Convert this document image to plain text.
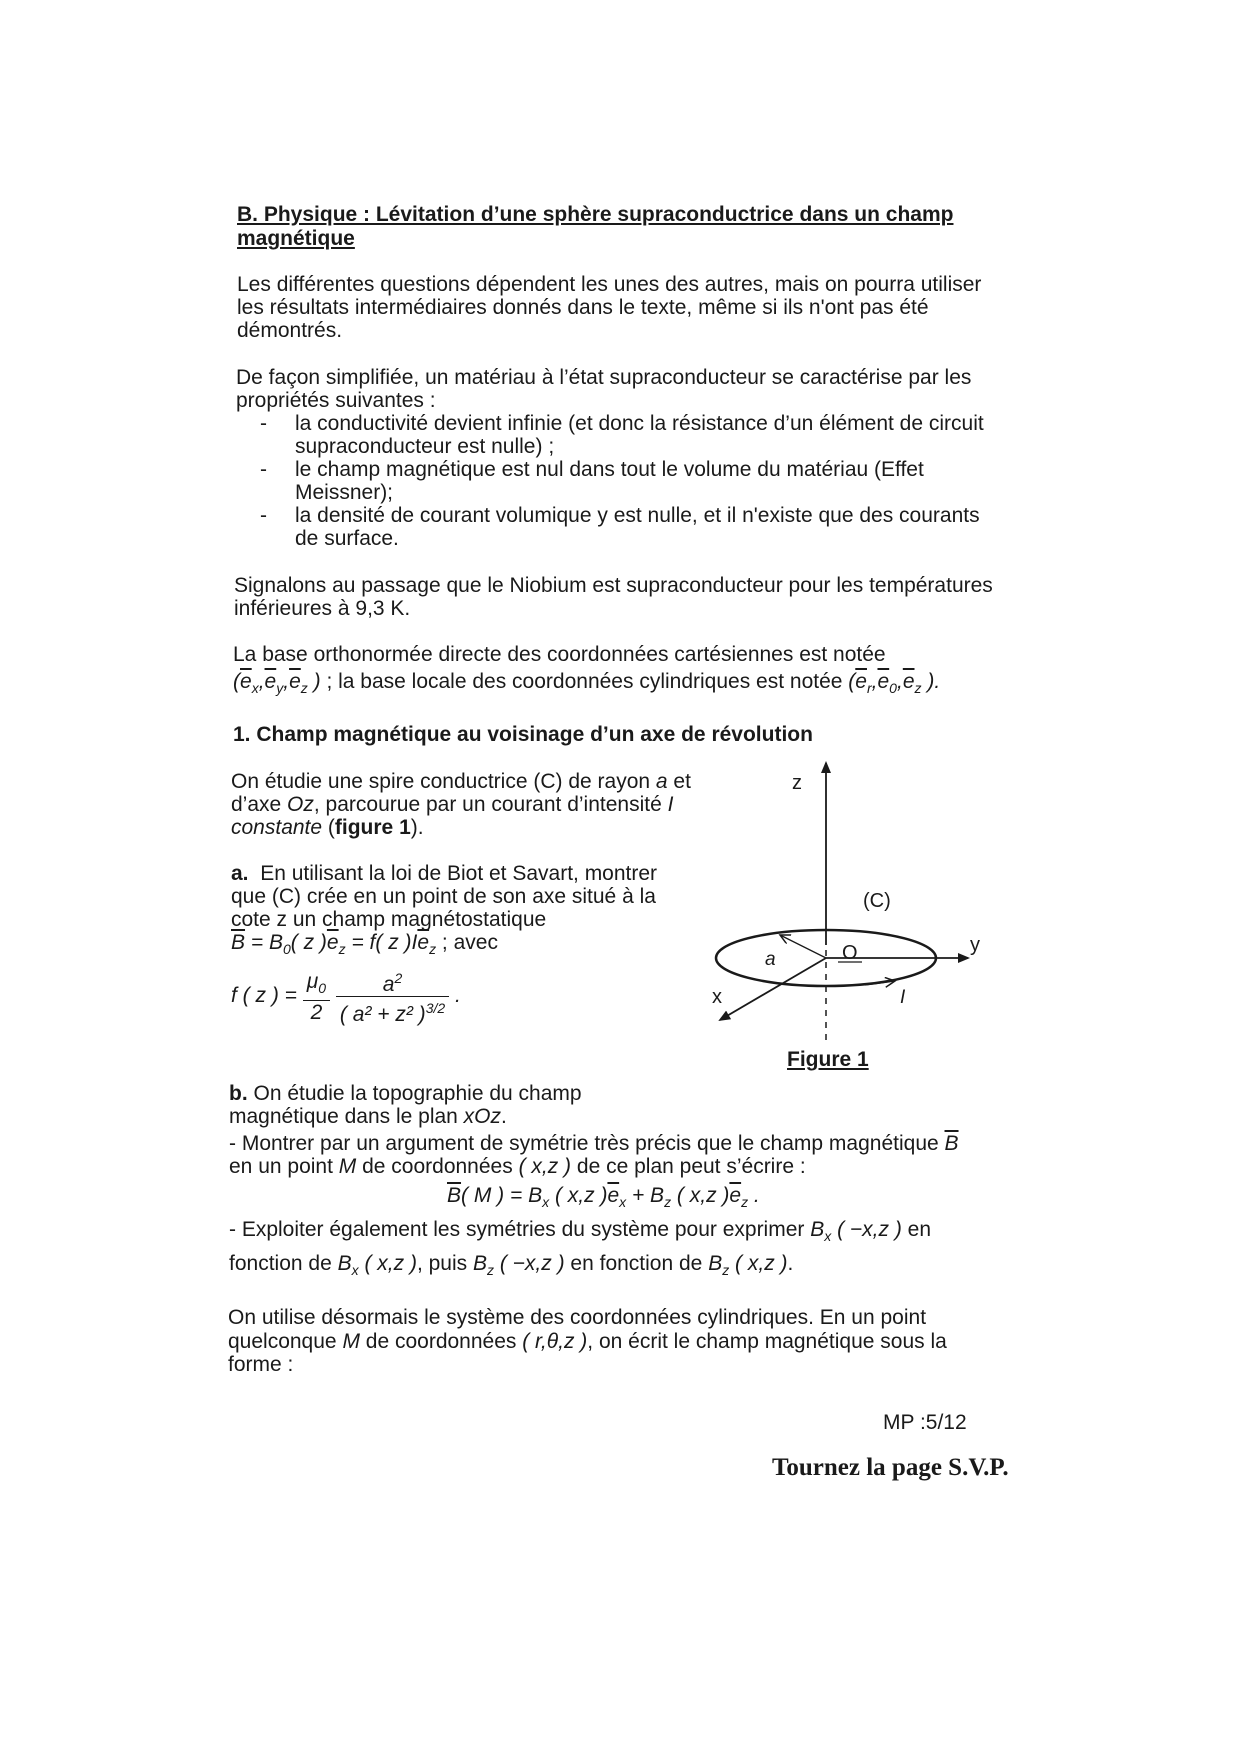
B. Physique : Lévitation d’une sphère supraconductrice dans un champ
magnétique
Les différentes questions dépendent les unes des autres, mais on pourra utiliser
les résultats intermédiaires donnés dans le texte, même si ils n'ont pas été
démontrés.
De façon simplifiée, un matériau à l’état supraconducteur se caractérise par les
propriétés suivantes :
- la conductivité devient infinie (et donc la résistance d’un élément de circuit
supraconducteur est nulle) ;
- le champ magnétique est nul dans tout le volume du matériau (Effet
Meissner);
- la densité de courant volumique y est nulle, et il n'existe que des courants
de surface.
Signalons au passage que le Niobium est supraconducteur pour les températures
inférieures à 9,3 K.
La base orthonormée directe des coordonnées cartésiennes est notée
($\overline{e}_x,\overline{e}_y,\overline{e}_z$ ) ; la base locale des coordonnées cylindriques est notée ($\overline{e}_r,\overline{e}_0,\overline{e}_z$ ).
1. Champ magnétique au voisinage d’un axe de révolution
On étudie une spire conductrice (C) de rayon a et
d’axe Oz, parcourue par un courant d’intensité I
constante (figure 1).
a. En utilisant la loi de Biot et Savart, montrer
que (C) crée en un point de son axe situé à la
cote z un champ magnétostatique
$\overline{B} = B_0$( z )$\overline{e}_z = f$( z )$I\overline{e}_z$ ; avec
f ( z ) = $\frac{\mu_0}{2}$
$\frac{a^2}{( a^2 + z^2 )^{3/2}}$ .
z
(C)
y
a	O
x	I
Figure 1
b. On étudie la topographie du champ
magnétique dans le plan xOz.
- Montrer par un argument de symétrie très précis que le champ magnétique $\overline{B}$
en un point M de coordonnées ( x,z ) de ce plan peut s’écrire :
$\overline{B}$( M ) = $B_x$ ( x,z )$\overline{e}_x + B_z$ ( x,z )$\overline{e}_z$ .
- Exploiter également les symétries du système pour exprimer $B_x$ ( −x,z ) en
fonction de $B_x$ ( x,z ), puis $B_z$ ( −x,z ) en fonction de $B_z$ ( x,z ).
On utilise désormais le système des coordonnées cylindriques. En un point
quelconque M de coordonnées ( r,θ,z ), on écrit le champ magnétique sous la
forme :
MP :5/12
Tournez la page S.V.P.
